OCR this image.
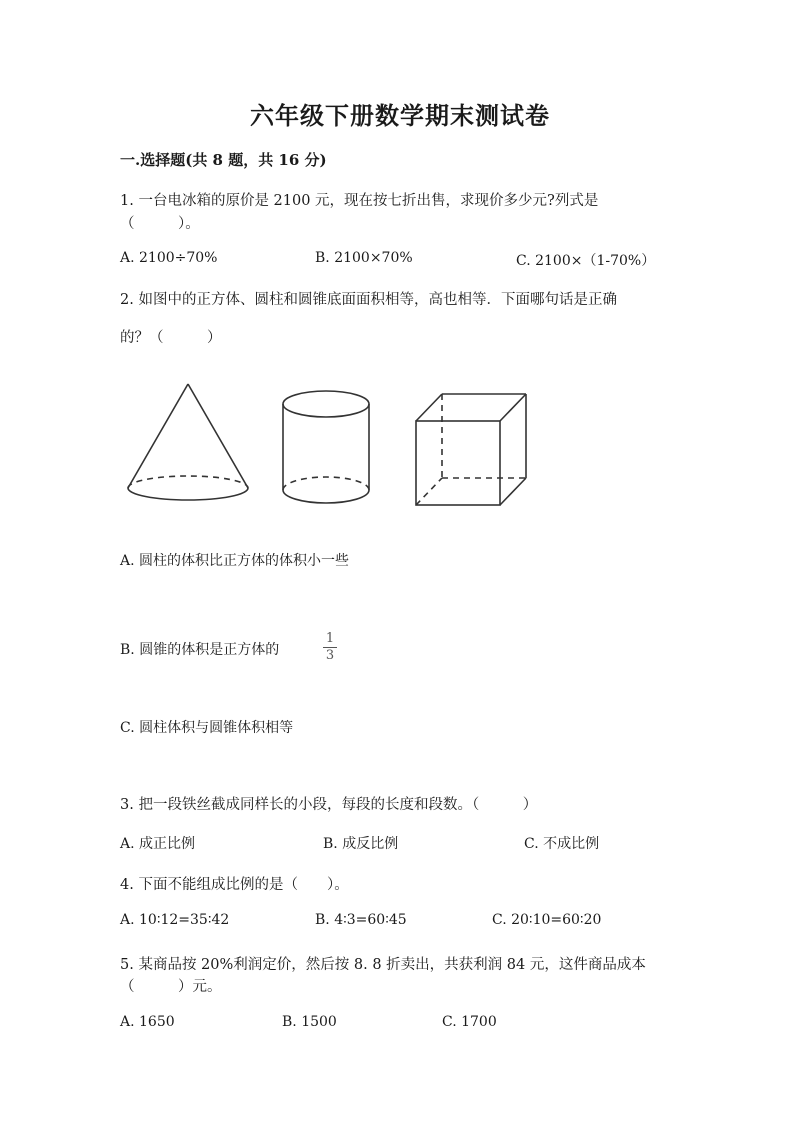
六年级下册数学期末测试卷
一.选择题(共 8 题，共 16 分)
1. 一台电冰箱的原价是 2100 元，现在按七折出售，求现价多少元?列式是
（　　　）。
A. 2100÷70%	B. 2100×70%	C. 2100×（1-70%）
2. 如图中的正方体、圆柱和圆锥底面面积相等，高也相等．下面哪句话是正确
的？（　　　）
A. 圆柱的体积比正方体的体积小一些
B. 圆锥的体积是正方体的
1
3
C. 圆柱体积与圆锥体积相等
3. 把一段铁丝截成同样长的小段，每段的长度和段数。（　　　）
A. 成正比例	B. 成反比例	C. 不成比例
4. 下面不能组成比例的是（　　）。
A. 10∶12=35∶42	B. 4∶3=60∶45	C. 20∶10=60∶20
5. 某商品按 20%利润定价，然后按 8. 8 折卖出，共获利润 84 元，这件商品成本
（　　　）元。
A. 1650	B. 1500	C. 1700
